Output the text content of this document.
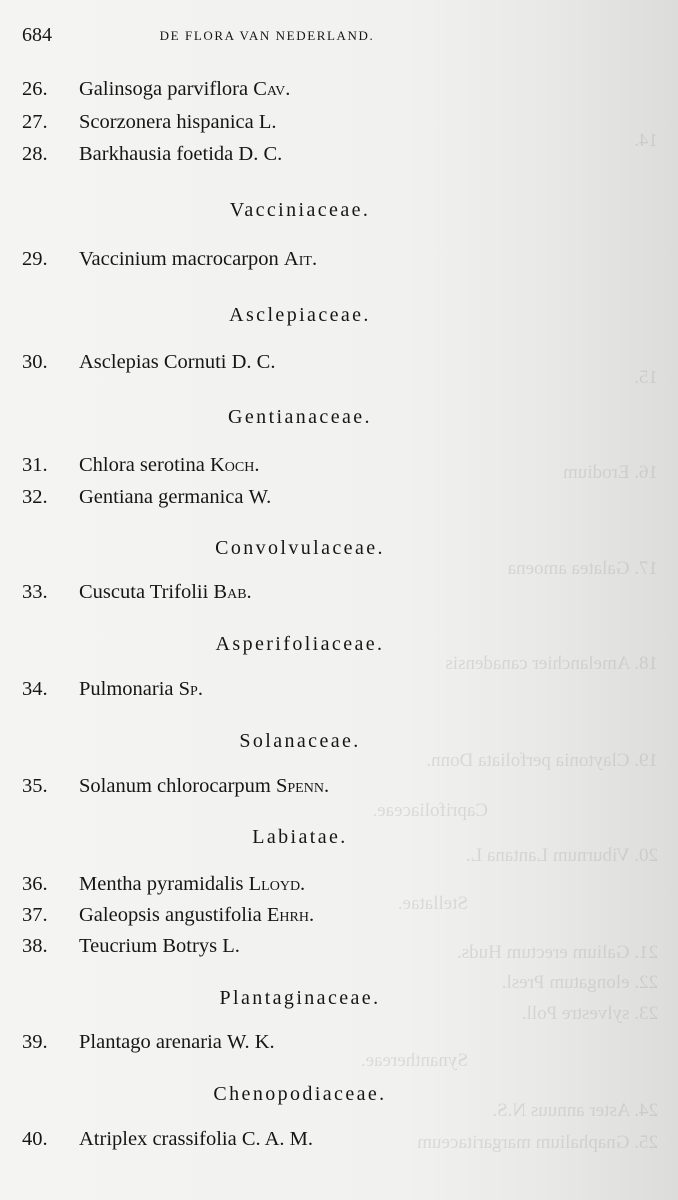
14.
15.
16. Erodium
17. Galatea amoena
18. Amelanchier canadensis
19. Claytonia perfoliata Donn.
Caprifoliaceae.
20. Viburnum Lantana L.
Stellatae.
21. Galium erectum Huds.
22. elongatum Presl.
23. sylvestre Poll.
Synanthereae.
24. Aster annuus N.S.
25. Gnaphalium margaritaceum
684	DE FLORA VAN NEDERLAND.
26. Galinsoga parviflora Cav.
27. Scorzonera hispanica L.
28. Barkhausia foetida D. C.
Vacciniaceae.
29. Vaccinium macrocarpon Ait.
Asclepiaceae.
30. Asclepias Cornuti D. C.
Gentianaceae.
31. Chlora serotina Koch.
32. Gentiana germanica W.
Convolvulaceae.
33. Cuscuta Trifolii Bab.
Asperifoliaceae.
34. Pulmonaria Sp.
Solanaceae.
35. Solanum chlorocarpum Spenn.
Labiatae.
36. Mentha pyramidalis Lloyd.
37. Galeopsis angustifolia Ehrh.
38. Teucrium Botrys L.
Plantaginaceae.
39. Plantago arenaria W. K.
Chenopodiaceae.
40. Atriplex crassifolia C. A. M.
